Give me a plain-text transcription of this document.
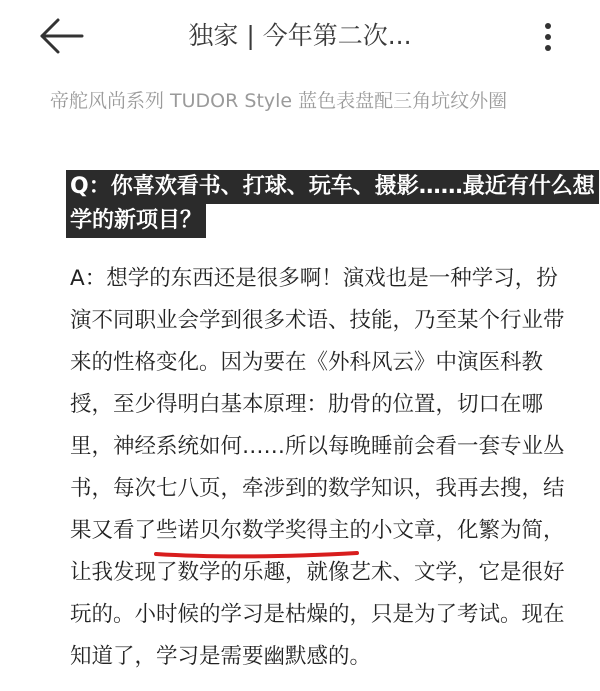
独家 | 今年第二次...
帝舵风尚系列 TUDOR Style 蓝色表盘配三角坑纹外圈
Q：你喜欢看书、打球、玩车、摄影……最近有什么想
学的新项目？
A：想学的东西还是很多啊！演戏也是一种学习，扮
演不同职业会学到很多术语、技能，乃至某个行业带
来的性格变化。因为要在《外科风云》中演医科教
授，至少得明白基本原理：肋骨的位置，切口在哪
里，神经系统如何……所以每晚睡前会看一套专业丛
书，每次七八页，牵涉到的数学知识，我再去搜，结
果又看了些诺贝尔数学奖得主的小文章，化繁为简，
让我发现了数学的乐趣，就像艺术、文学，它是很好
玩的。小时候的学习是枯燥的，只是为了考试。现在
知道了，学习是需要幽默感的。
